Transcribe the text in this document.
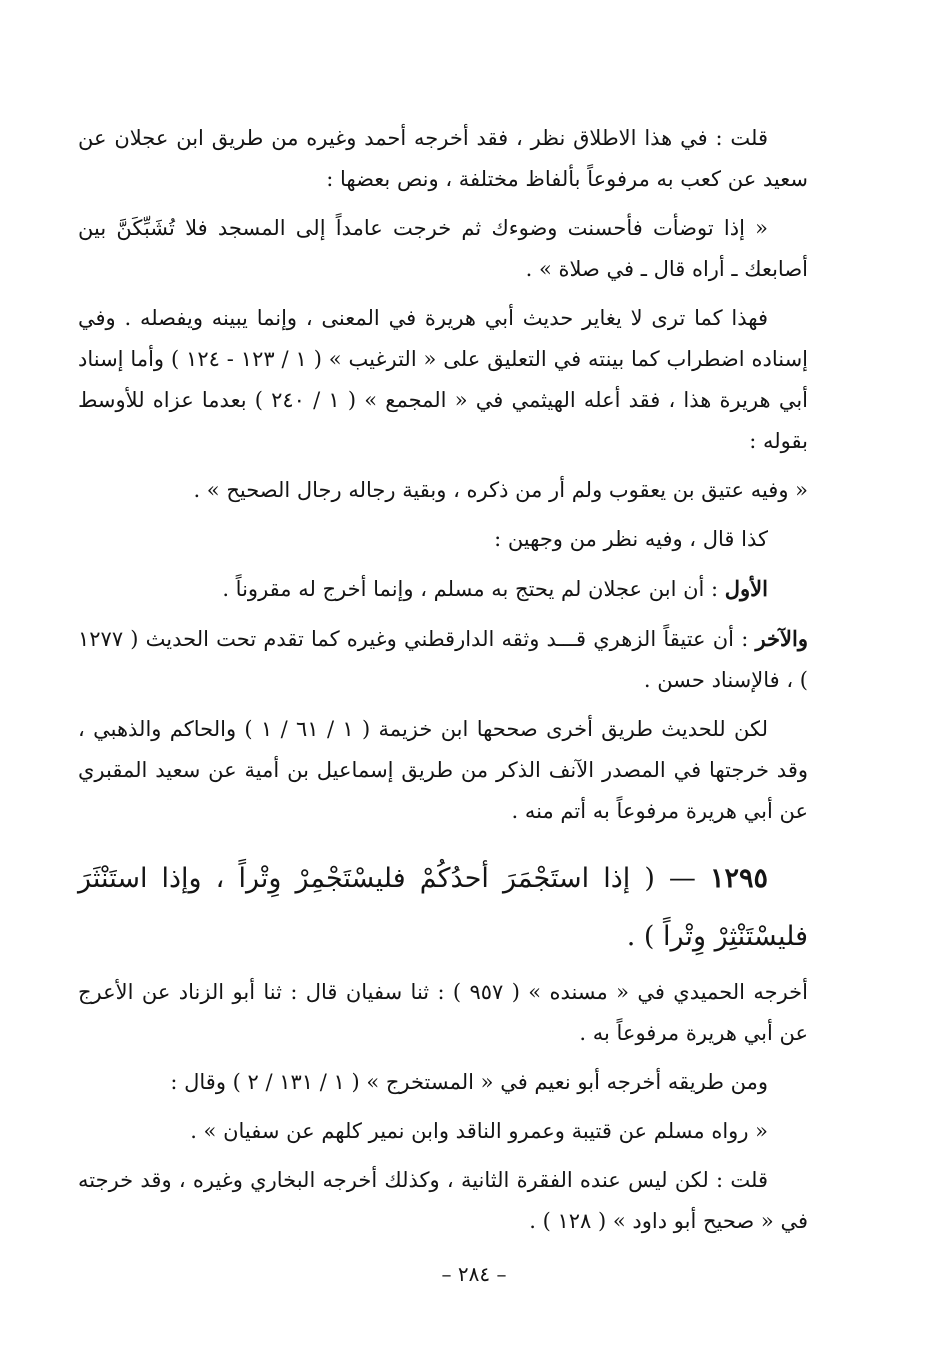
قلت : في هذا الاطلاق نظر ، فقد أخرجه أحمد وغيره من طريق ابن عجلان عن سعيد عن كعب به مرفوعاً بألفاظ مختلفة ، ونص بعضها :

« إذا توضأت فأحسنت وضوءك ثم خرجت عامداً إلى المسجد فلا تُشَبِّكَنَّ بين أصابعك ـ أراه قال ـ في صلاة » .

فهذا كما ترى لا يغاير حديث أبي هريرة في المعنى ، وإنما يبينه ويفصله . وفي إسناده اضطراب كما بينته في التعليق على « الترغيب » ( ١ / ١٢٣ - ١٢٤ ) وأما إسناد أبي هريرة هذا ، فقد أعله الهيثمي في « المجمع » ( ١ / ٢٤٠ ) بعدما عزاه للأوسط بقوله :

« وفيه عتيق بن يعقوب ولم أر من ذكره ، وبقية رجاله رجال الصحيح » .

كذا قال ، وفيه نظر من وجهين :

الأول : أن ابن عجلان لم يحتج به مسلم ، وإنما أخرج له مقروناً .

والآخر : أن عتيقاً الزهري قـــد وثقه الدارقطني وغيره كما تقدم تحت الحديث ( ١٢٧٧ ) ، فالإسناد حسن .

لكن للحديث طريق أخرى صححها ابن خزيمة ( ١ / ٦١ / ١ ) والحاكم والذهبي ، وقد خرجتها في المصدر الآنف الذكر من طريق إسماعيل بن أمية عن سعيد المقبري عن أبي هريرة مرفوعاً به أتم منه .

١٢٩٥ — ( إذا استَجْمَرَ أحدُكُمْ فليسْتَجْمِرْ وِتْراً ، وإذا استَنْثَرَ فليسْتَنْثِرْ وِتْراً ) .

أخرجه الحميدي في « مسنده » ( ٩٥٧ ) : ثنا سفيان قال : ثنا أبو الزناد عن الأعرج عن أبي هريرة مرفوعاً به .

ومن طريقه أخرجه أبو نعيم في « المستخرج » ( ١ / ١٣١ / ٢ ) وقال :

« رواه مسلم عن قتيبة وعمرو الناقد وابن نمير كلهم عن سفيان » .

قلت : لكن ليس عنده الفقرة الثانية ، وكذلك أخرجه البخاري وغيره ، وقد خرجته في « صحيح أبو داود » ( ١٢٨ ) .

– ٢٨٤ –
